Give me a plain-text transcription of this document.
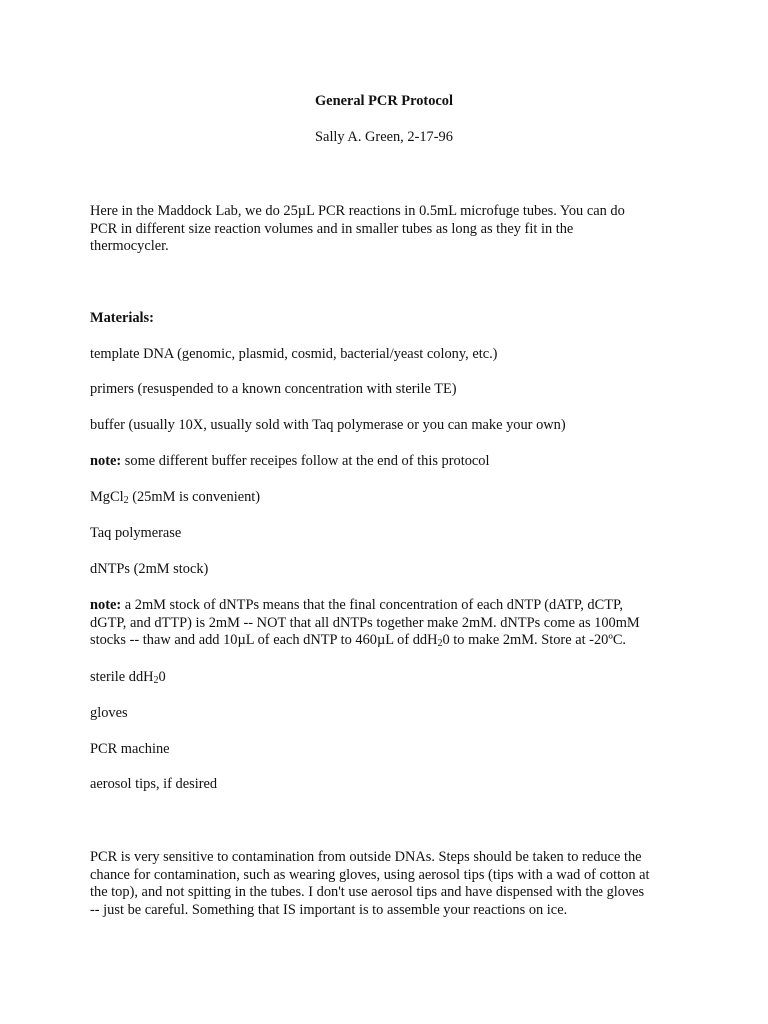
General PCR Protocol
Sally A. Green, 2-17-96
Here in the Maddock Lab, we do 25µL PCR reactions in 0.5mL microfuge tubes. You can do
PCR in different size reaction volumes and in smaller tubes as long as they fit in the
thermocycler.
Materials:
template DNA (genomic, plasmid, cosmid, bacterial/yeast colony, etc.)
primers (resuspended to a known concentration with sterile TE)
buffer (usually 10X, usually sold with Taq polymerase or you can make your own)
note: some different buffer receipes follow at the end of this protocol
MgCl$_2$ (25mM is convenient)
Taq polymerase
dNTPs (2mM stock)
note: a 2mM stock of dNTPs means that the final concentration of each dNTP (dATP, dCTP,
dGTP, and dTTP) is 2mM -- NOT that all dNTPs together make 2mM. dNTPs come as 100mM
stocks -- thaw and add 10µL of each dNTP to 460µL of ddH$_2$0 to make 2mM. Store at -20ºC.
sterile ddH$_2$0
gloves
PCR machine
aerosol tips, if desired
PCR is very sensitive to contamination from outside DNAs. Steps should be taken to reduce the
chance for contamination, such as wearing gloves, using aerosol tips (tips with a wad of cotton at
the top), and not spitting in the tubes. I don't use aerosol tips and have dispensed with the gloves
-- just be careful. Something that IS important is to assemble your reactions on ice.
